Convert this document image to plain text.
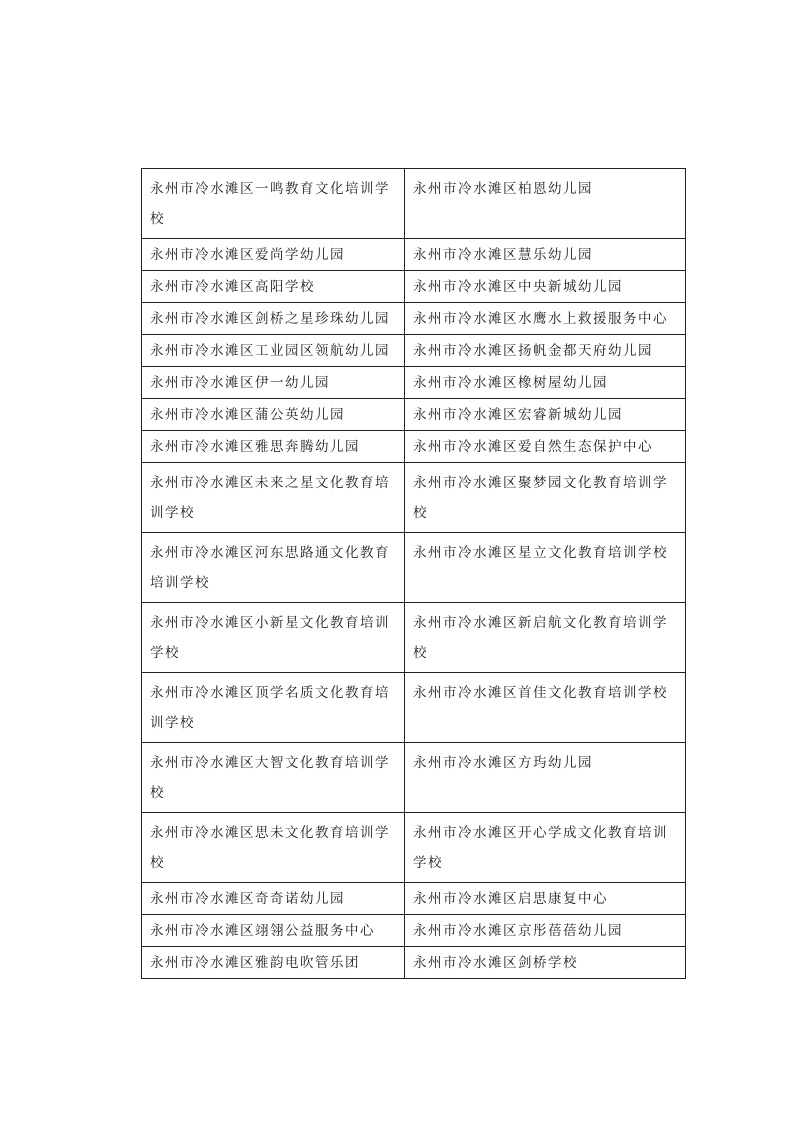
永州市冷水滩区一鸣教育文化培训学校	永州市冷水滩区柏恩幼儿园
永州市冷水滩区爱尚学幼儿园	永州市冷水滩区慧乐幼儿园
永州市冷水滩区高阳学校	永州市冷水滩区中央新城幼儿园
永州市冷水滩区剑桥之星珍珠幼儿园	永州市冷水滩区水鹰水上救援服务中心
永州市冷水滩区工业园区领航幼儿园	永州市冷水滩区扬帆金都天府幼儿园
永州市冷水滩区伊一幼儿园	永州市冷水滩区橡树屋幼儿园
永州市冷水滩区蒲公英幼儿园	永州市冷水滩区宏睿新城幼儿园
永州市冷水滩区雅思奔腾幼儿园	永州市冷水滩区爱自然生态保护中心
永州市冷水滩区未来之星文化教育培训学校	永州市冷水滩区聚梦园文化教育培训学校
永州市冷水滩区河东思路通文化教育培训学校	永州市冷水滩区星立文化教育培训学校
永州市冷水滩区小新星文化教育培训学校	永州市冷水滩区新启航文化教育培训学校
永州市冷水滩区顶学名质文化教育培训学校	永州市冷水滩区首佳文化教育培训学校
永州市冷水滩区大智文化教育培训学校	永州市冷水滩区方玙幼儿园
永州市冷水滩区思未文化教育培训学校	永州市冷水滩区开心学成文化教育培训学校
永州市冷水滩区奇奇诺幼儿园	永州市冷水滩区启思康复中心
永州市冷水滩区翊翎公益服务中心	永州市冷水滩区京彤蓓蓓幼儿园
永州市冷水滩区雅韵电吹管乐团	永州市冷水滩区剑桥学校
